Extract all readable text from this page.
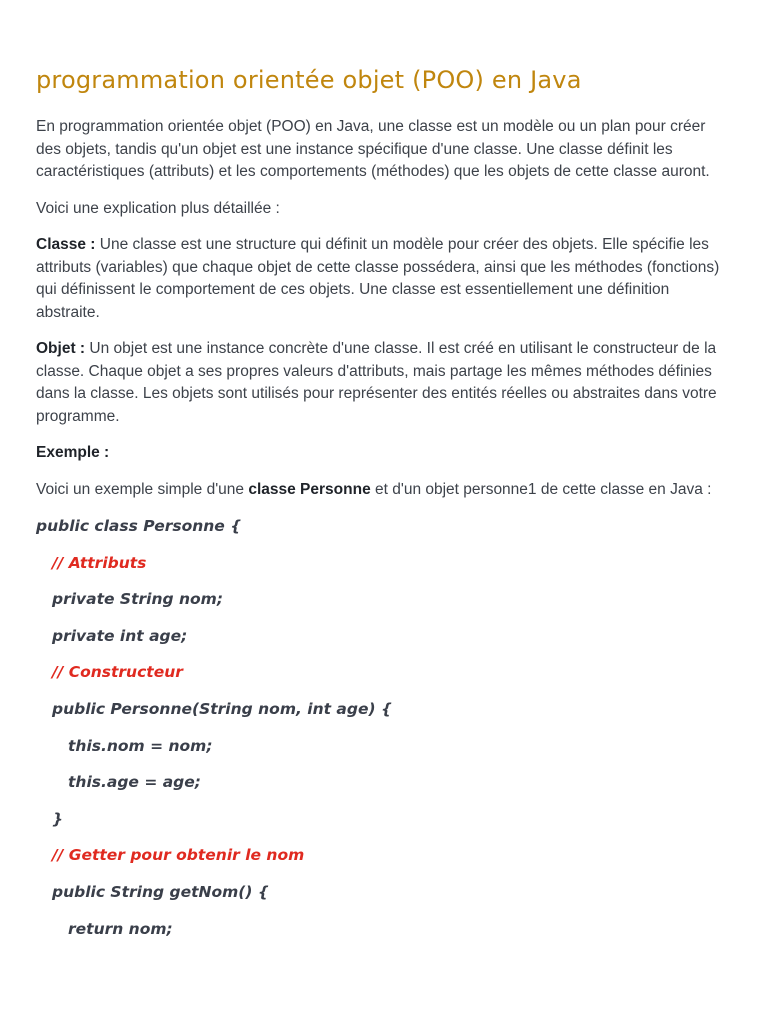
programmation orientée objet (POO) en Java

En programmation orientée objet (POO) en Java, une classe est un modèle ou un plan pour créer des objets, tandis qu'un objet est une instance spécifique d'une classe. Une classe définit les caractéristiques (attributs) et les comportements (méthodes) que les objets de cette classe auront.

Voici une explication plus détaillée :

Classe : Une classe est une structure qui définit un modèle pour créer des objets. Elle spécifie les attributs (variables) que chaque objet de cette classe possédera, ainsi que les méthodes (fonctions) qui définissent le comportement de ces objets. Une classe est essentiellement une définition abstraite.

Objet : Un objet est une instance concrète d'une classe. Il est créé en utilisant le constructeur de la classe. Chaque objet a ses propres valeurs d'attributs, mais partage les mêmes méthodes définies dans la classe. Les objets sont utilisés pour représenter des entités réelles ou abstraites dans votre programme.

Exemple :

Voici un exemple simple d'une classe Personne et d'un objet personne1 de cette classe en Java :

public class Personne {
// Attributs
private String nom;
private int age;
// Constructeur
public Personne(String nom, int age) {
this.nom = nom;
this.age = age;
}
// Getter pour obtenir le nom
public String getNom() {
return nom;
